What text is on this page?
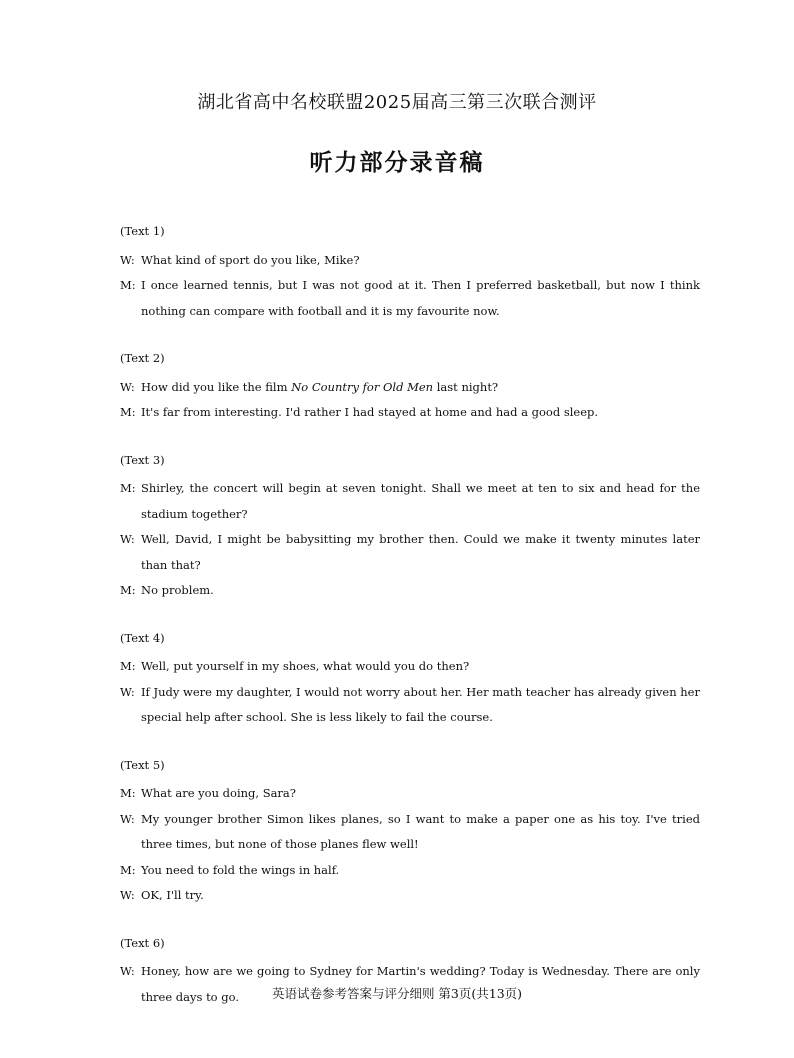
湖北省高中名校联盟2025届高三第三次联合测评
听力部分录音稿
(Text 1)
W: What kind of sport do you like, Mike?
M: I once learned tennis, but I was not good at it. Then I preferred basketball, but now I think nothing can compare with football and it is my favourite now.
(Text 2)
W: How did you like the film No Country for Old Men last night?
M: It's far from interesting. I'd rather I had stayed at home and had a good sleep.
(Text 3)
M: Shirley, the concert will begin at seven tonight. Shall we meet at ten to six and head for the stadium together?
W: Well, David, I might be babysitting my brother then. Could we make it twenty minutes later than that?
M: No problem.
(Text 4)
M: Well, put yourself in my shoes, what would you do then?
W: If Judy were my daughter, I would not worry about her. Her math teacher has already given her special help after school. She is less likely to fail the course.
(Text 5)
M: What are you doing, Sara?
W: My younger brother Simon likes planes, so I want to make a paper one as his toy. I've tried three times, but none of those planes flew well!
M: You need to fold the wings in half.
W: OK, I'll try.
(Text 6)
W: Honey, how are we going to Sydney for Martin's wedding? Today is Wednesday. There are only three days to go.	英语试卷参考答案与评分细则 第3页(共13页)
